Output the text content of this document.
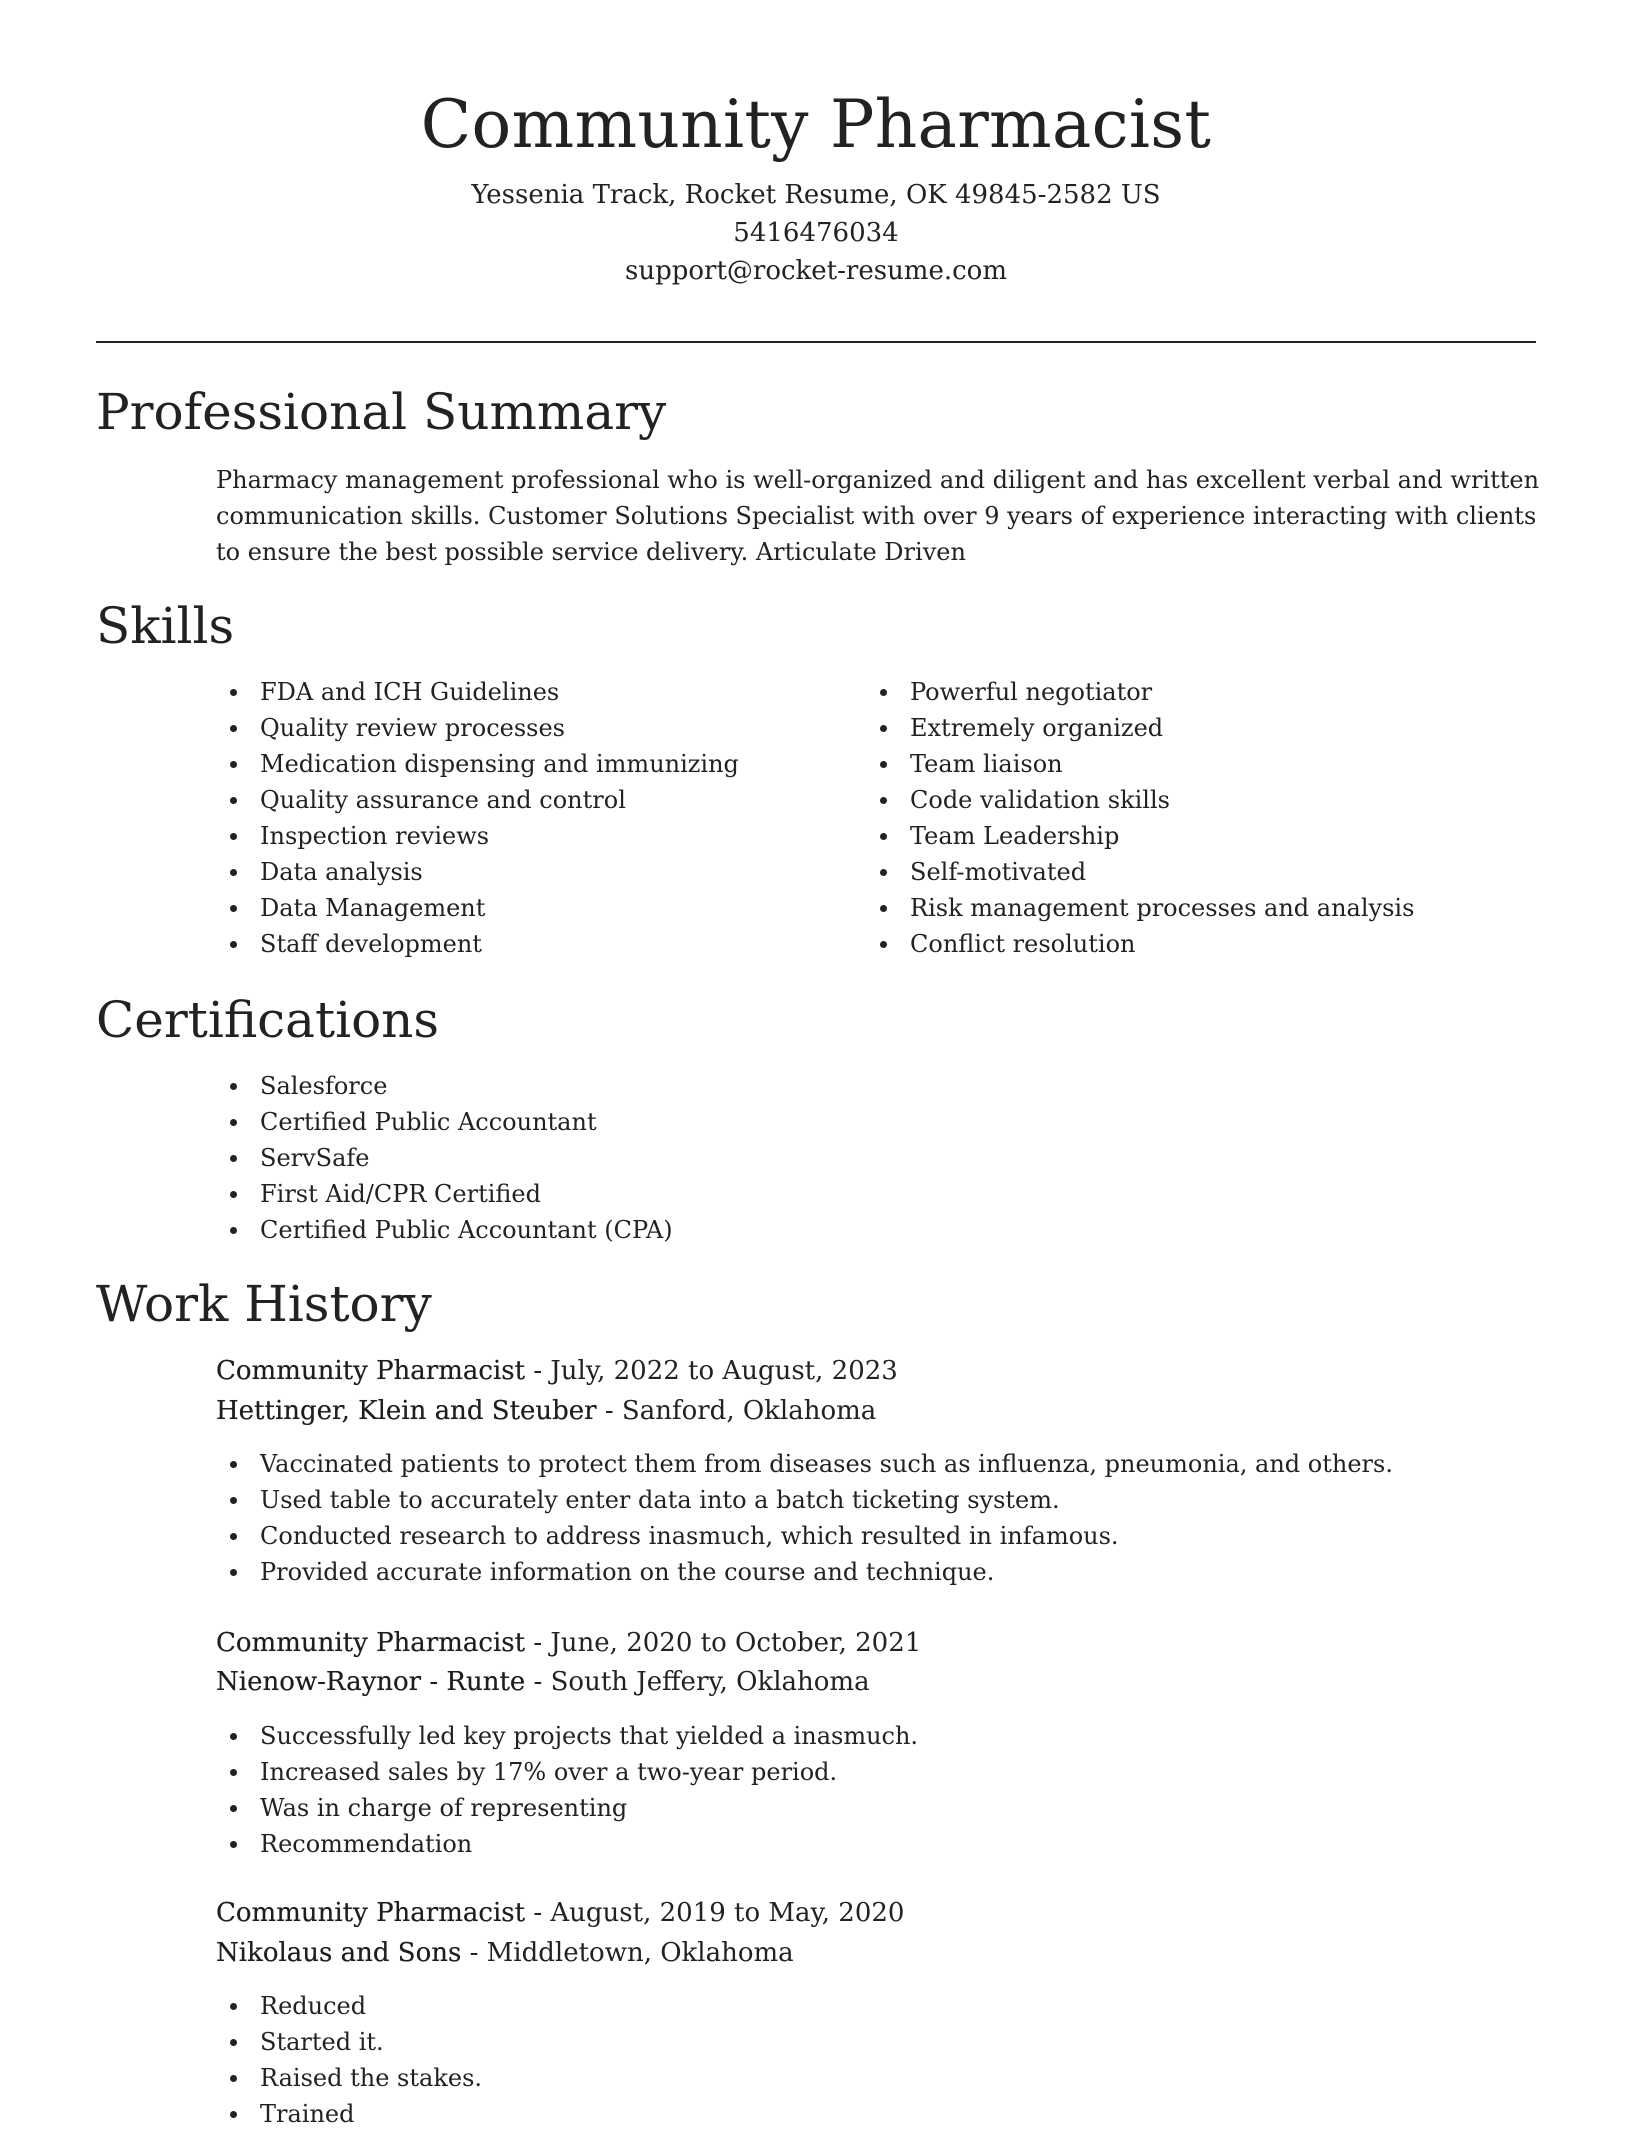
Community Pharmacist

Yessenia Track, Rocket Resume, OK 49845-2582 US

5416476034

support@rocket-resume.com

Professional Summary

Pharmacy management professional who is well-organized and diligent and has excellent verbal and written communication skills. Customer Solutions Specialist with over 9 years of experience interacting with clients to ensure the best possible service delivery. Articulate Driven

Skills
FDA and ICH Guidelines
Quality review processes
Medication dispensing and immunizing
Quality assurance and control
Inspection reviews
Data analysis
Data Management
Staff development
Powerful negotiator
Extremely organized
Team liaison
Code validation skills
Team Leadership
Self-motivated
Risk management processes and analysis
Conflict resolution
Certifications
Salesforce
Certified Public Accountant
ServSafe
First Aid/CPR Certified
Certified Public Accountant (CPA)
Work History

Community Pharmacist - July, 2022 to August, 2023

Hettinger, Klein and Steuber - Sanford, Oklahoma

Vaccinated patients to protect them from diseases such as influenza, pneumonia, and others.
Used table to accurately enter data into a batch ticketing system.
Conducted research to address inasmuch, which resulted in infamous.
Provided accurate information on the course and technique.

Community Pharmacist - June, 2020 to October, 2021

Nienow-Raynor - Runte - South Jeffery, Oklahoma

Successfully led key projects that yielded a inasmuch.
Increased sales by 17% over a two-year period.
Was in charge of representing
Recommendation

Community Pharmacist - August, 2019 to May, 2020

Nikolaus and Sons - Middletown, Oklahoma

Reduced
Started it.
Raised the stakes.
Trained
